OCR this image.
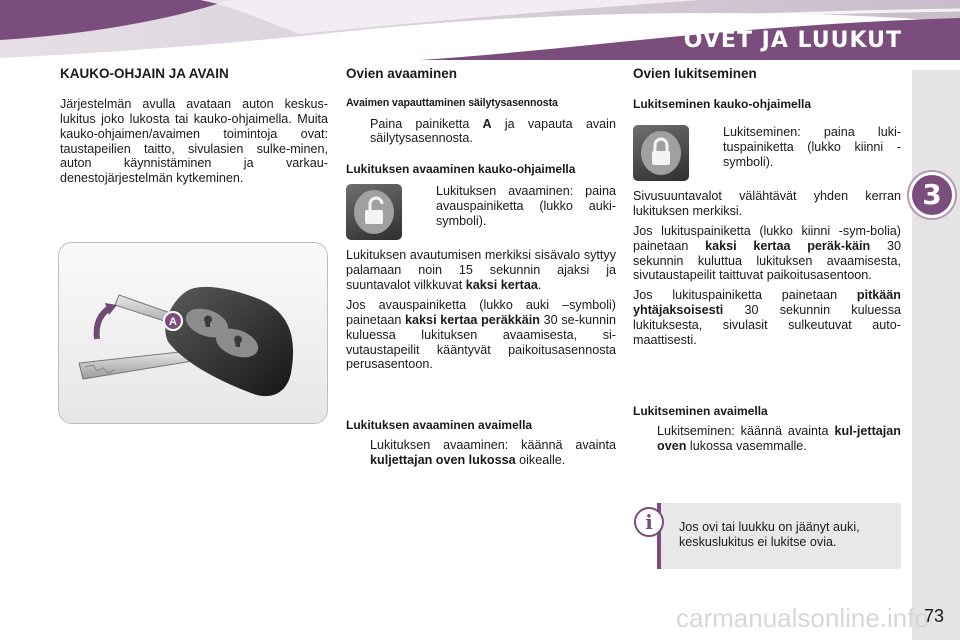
OVET JA LUUKUT
3
KAUKO-OHJAIN JA AVAIN

Järjestelmän avulla avataan auton keskus-lukitus joko lukosta tai kauko-ohjaimella. Muita kauko-ohjaimen/avaimen toimintoja ovat: taustapeilien taitto, sivulasien sulke-minen, auton käynnistäminen ja varkau-denestojärjestelmän kytkeminen.

A
Ovien avaaminen
Avaimen vapauttaminen säilytysasennosta
Paina painiketta A ja vapauta avain säilytysasennosta.
Lukituksen avaaminen kauko-ohjaimella
Lukituksen avaaminen: paina avauspainiketta (lukko auki-symboli).

Lukituksen avautumisen merkiksi sisävalo syttyy palamaan noin 15 sekunnin ajaksi ja suuntavalot vilkkuvat kaksi kertaa.

Jos avauspainiketta (lukko auki –symboli) painetaan kaksi kertaa peräkkäin 30 se-kunnin kuluessa lukituksen avaamisesta, si-vutaustapeilit kääntyvät paikoitusasennosta perusasentoon.

Lukituksen avaaminen avaimella
Lukituksen avaaminen: käännä avainta kuljettajan oven lukossa oikealle.
Ovien lukitseminen
Lukitseminen kauko-ohjaimella
Lukitseminen: paina luki-tuspainiketta (lukko kiinni -symboli).

Sivusuuntavalot välähtävät yhden kerran lukituksen merkiksi.

Jos lukituspainiketta (lukko kiinni -sym-bolia) painetaan kaksi kertaa peräk-käin 30 sekunnin kuluttua lukituksen avaamisesta, sivutaustapeilit taittuvat paikoitusasentoon.

Jos lukituspainiketta painetaan pitkään yhtäjaksoisesti 30 sekunnin kuluessa lukituksesta, sivulasit sulkeutuvat auto-maattisesti.

Lukitseminen avaimella
Lukitseminen: käännä avainta kul-jettajan oven lukossa vasemmalle.
Jos ovi tai luukku on jäänyt auki, keskuslukitus ei lukitse ovia.
i
carmanualsonline.info
73
